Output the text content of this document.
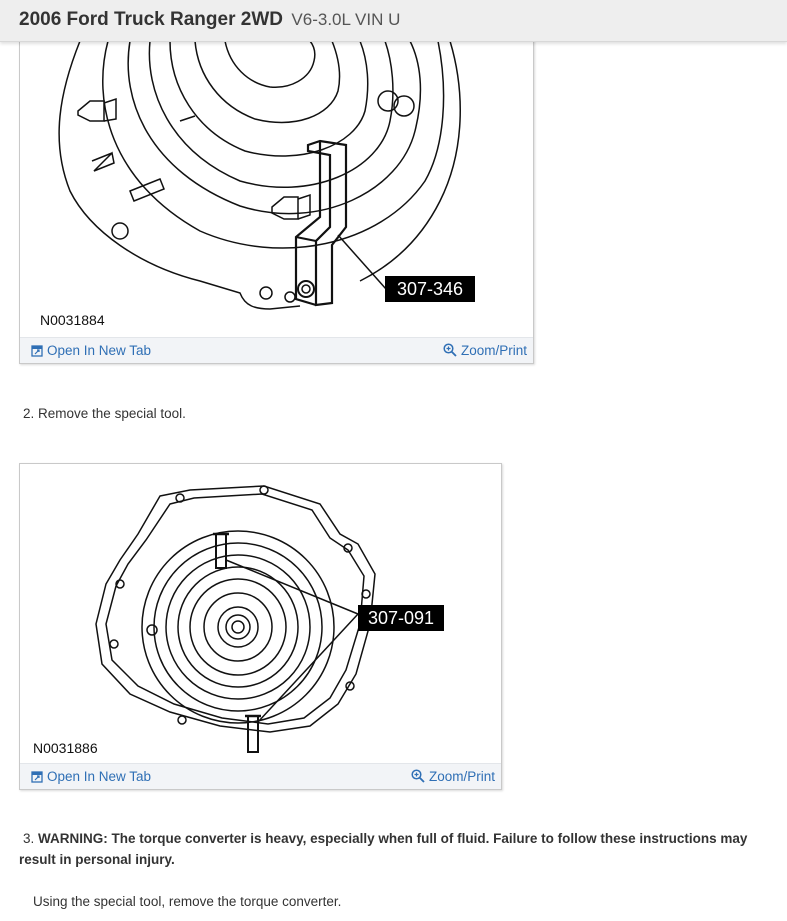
2006 Ford Truck Ranger 2WD V6-3.0L VIN U
307-346
N0031884
Open In New Tab	Zoom/Print
2. Remove the special tool.
307-091
N0031886
Open In New Tab	Zoom/Print
3. WARNING: The torque converter is heavy, especially when full of fluid. Failure to follow these instructions may result in personal injury.
Using the special tool, remove the torque converter.
